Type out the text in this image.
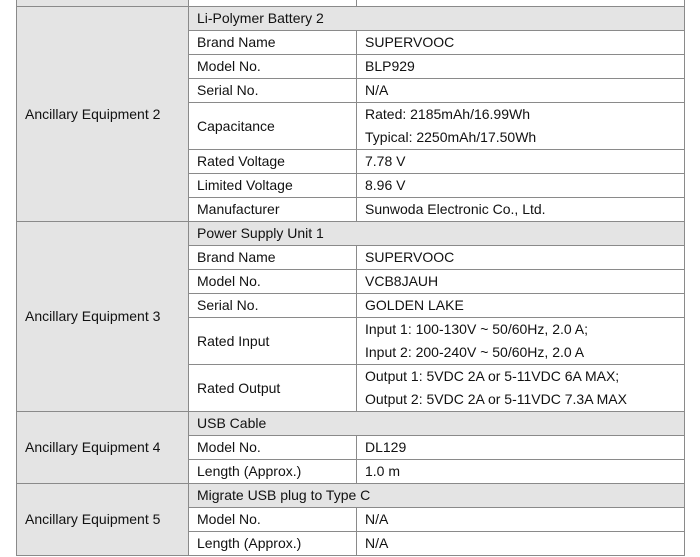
Ancillary Equipment 2	Li-Polymer Battery 2	
	Brand Name	SUPERVOOC

	Model No.	BLP929

	Serial No.	N/A

	Capacitance	Rated: 2185mAh/16.99Wh
Typical: 2250mAh/17.50Wh

	Rated Voltage	7.78 V

	Limited Voltage	8.96 V

	Manufacturer	Sunwoda Electronic Co., Ltd.

Ancillary Equipment 3	Power Supply Unit 1	
	Brand Name	SUPERVOOC

	Model No.	VCB8JAUH

	Serial No.	GOLDEN LAKE

	Rated Input	Input 1: 100-130V ~ 50/60Hz, 2.0 A;
Input 2: 200-240V ~ 50/60Hz, 2.0 A

	Rated Output	Output 1: 5VDC 2A or 5-11VDC 6A MAX;
Output 2: 5VDC 2A or 5-11VDC 7.3A MAX

Ancillary Equipment 4	USB Cable	
	Model No.	DL129

	Length (Approx.)	1.0 m

Ancillary Equipment 5	Migrate USB plug to Type C	
	Model No.	N/A

	Length (Approx.)	N/A
